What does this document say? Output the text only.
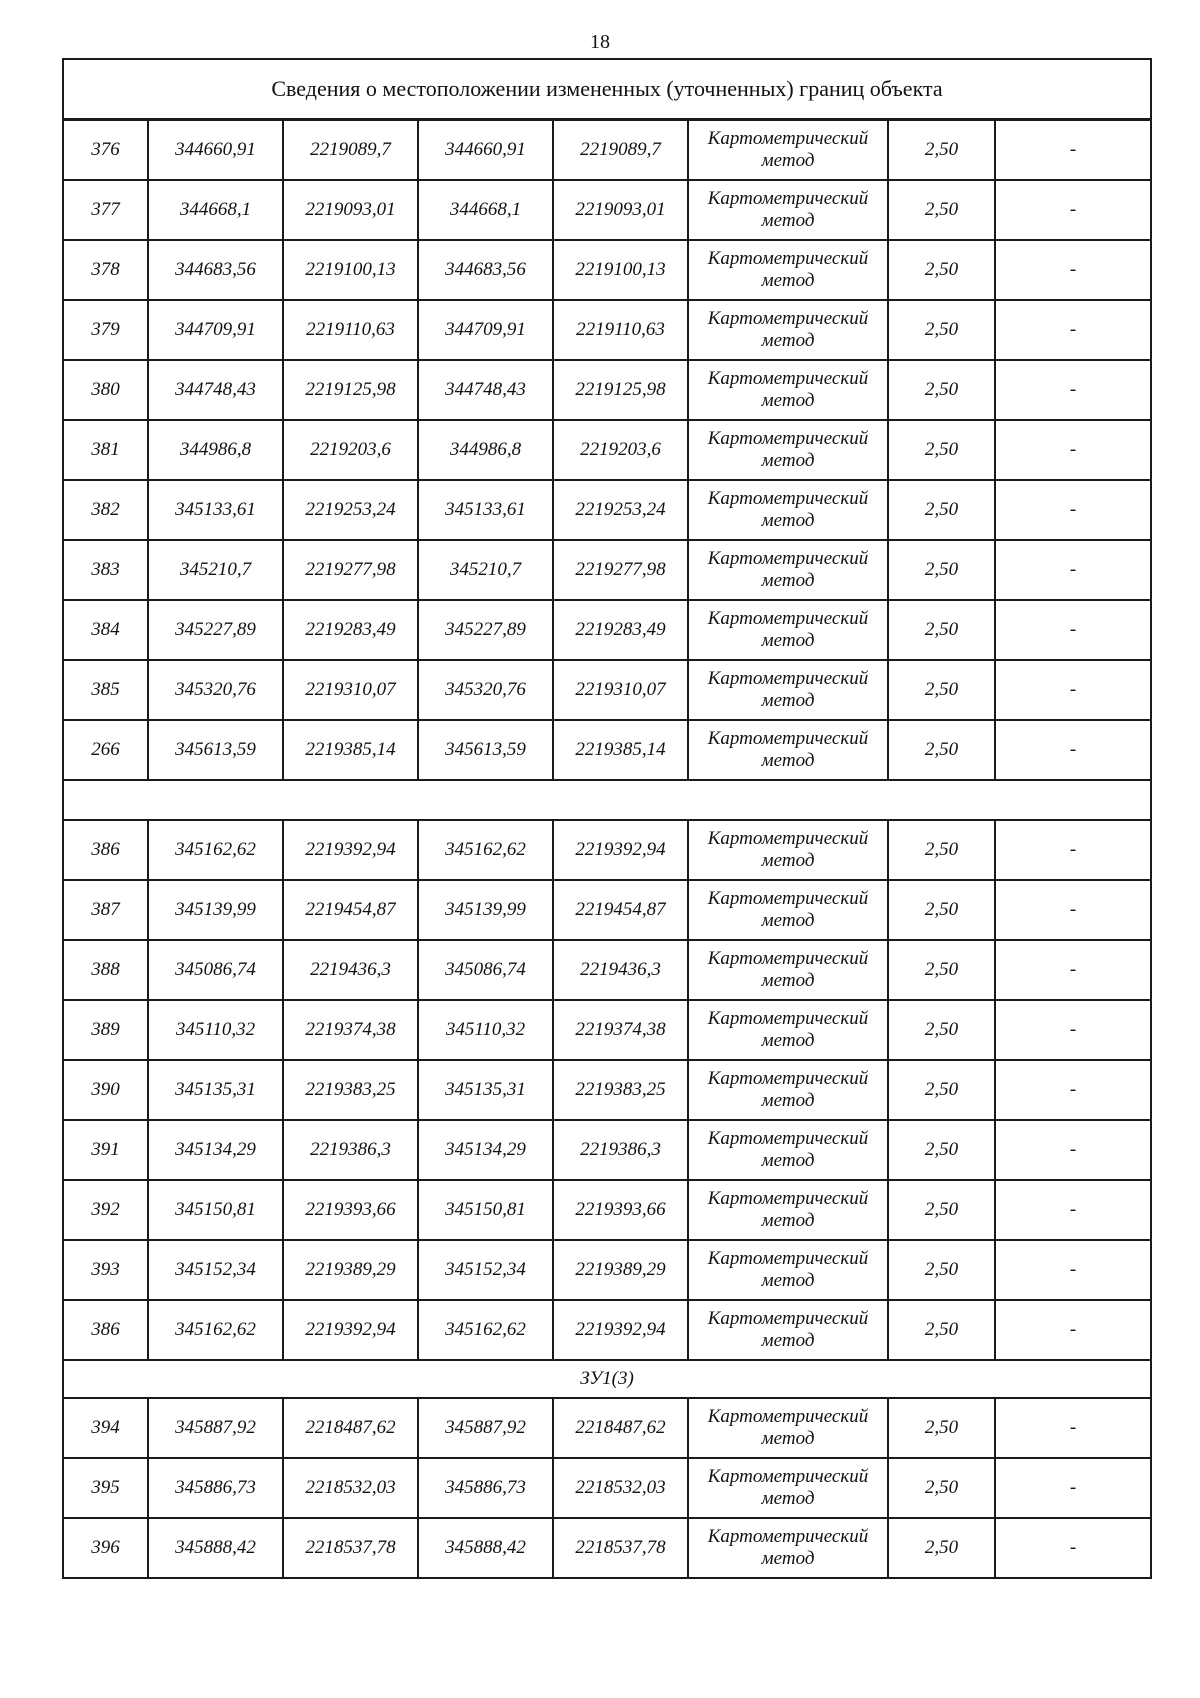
18
Сведения о местоположении измененных (уточненных) границ объекта							
376	344660,91	2219089,7	344660,91	2219089,7	Картометрический
метод	2,50	-
377	344668,1	2219093,01	344668,1	2219093,01	Картометрический
метод	2,50	-
378	344683,56	2219100,13	344683,56	2219100,13	Картометрический
метод	2,50	-
379	344709,91	2219110,63	344709,91	2219110,63	Картометрический
метод	2,50	-
380	344748,43	2219125,98	344748,43	2219125,98	Картометрический
метод	2,50	-
381	344986,8	2219203,6	344986,8	2219203,6	Картометрический
метод	2,50	-
382	345133,61	2219253,24	345133,61	2219253,24	Картометрический
метод	2,50	-
383	345210,7	2219277,98	345210,7	2219277,98	Картометрический
метод	2,50	-
384	345227,89	2219283,49	345227,89	2219283,49	Картометрический
метод	2,50	-
385	345320,76	2219310,07	345320,76	2219310,07	Картометрический
метод	2,50	-
266	345613,59	2219385,14	345613,59	2219385,14	Картометрический
метод	2,50	-

386	345162,62	2219392,94	345162,62	2219392,94	Картометрический
метод	2,50	-
387	345139,99	2219454,87	345139,99	2219454,87	Картометрический
метод	2,50	-
388	345086,74	2219436,3	345086,74	2219436,3	Картометрический
метод	2,50	-
389	345110,32	2219374,38	345110,32	2219374,38	Картометрический
метод	2,50	-
390	345135,31	2219383,25	345135,31	2219383,25	Картометрический
метод	2,50	-
391	345134,29	2219386,3	345134,29	2219386,3	Картометрический
метод	2,50	-
392	345150,81	2219393,66	345150,81	2219393,66	Картометрический
метод	2,50	-
393	345152,34	2219389,29	345152,34	2219389,29	Картометрический
метод	2,50	-
386	345162,62	2219392,94	345162,62	2219392,94	Картометрический
метод	2,50	-
ЗУ1(3)							
394	345887,92	2218487,62	345887,92	2218487,62	Картометрический
метод	2,50	-
395	345886,73	2218532,03	345886,73	2218532,03	Картометрический
метод	2,50	-
396	345888,42	2218537,78	345888,42	2218537,78	Картометрический
метод	2,50	-
